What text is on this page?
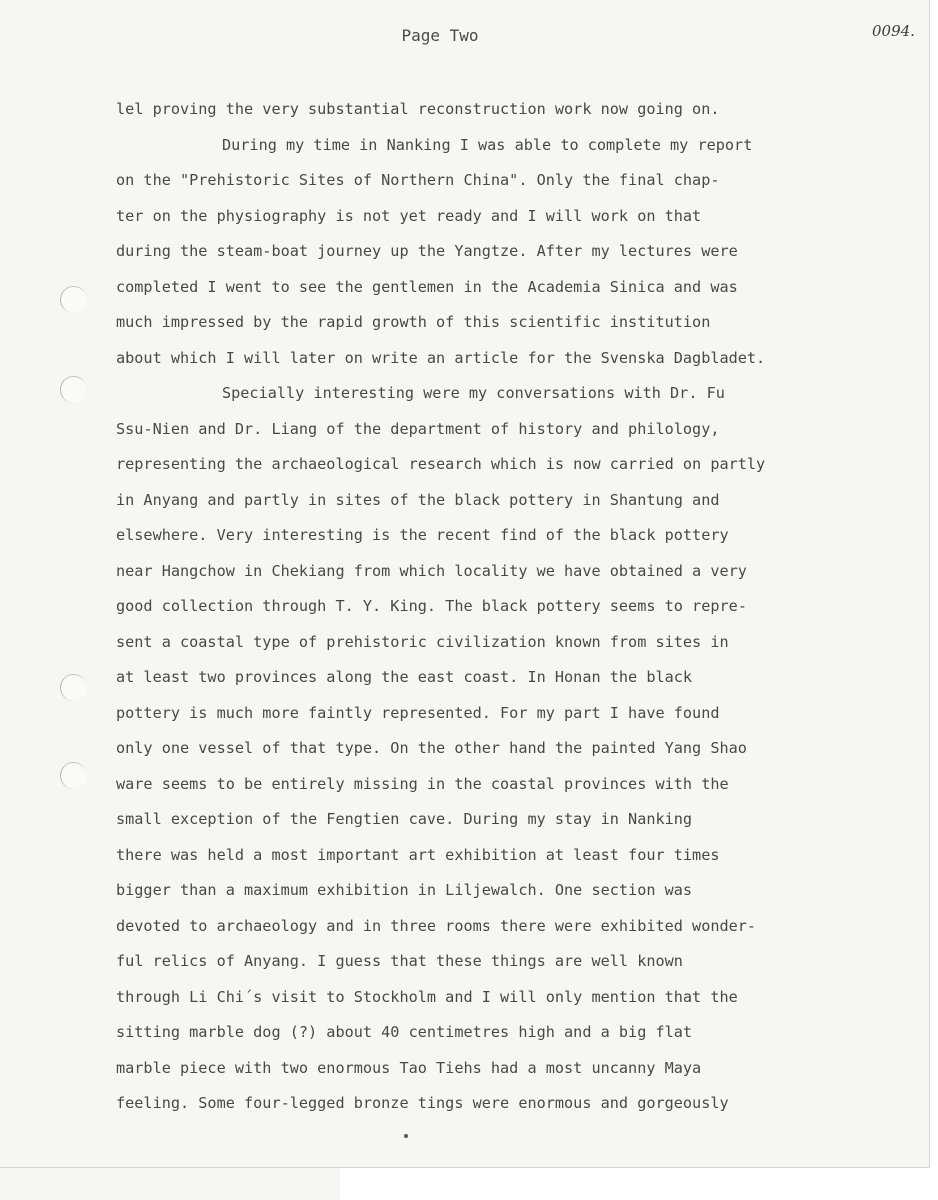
Page Two	0094.
lel proving the very substantial reconstruction work now going on.
During my time in Nanking I was able to complete my report
on the "Prehistoric Sites of Northern China". Only the final chap-
ter on the physiography is not yet ready and I will work on that
during the steam-boat journey up the Yangtze. After my lectures were
completed I went to see the gentlemen in the Academia Sinica and was
much impressed by the rapid growth of this scientific institution
about which I will later on write an article for the Svenska Dagbladet.
Specially interesting were my conversations with Dr. Fu
Ssu-Nien and Dr. Liang of the department of history and philology,
representing the archaeological research which is now carried on partly
in Anyang and partly in sites of the black pottery in Shantung and
elsewhere. Very interesting is the recent find of the black pottery
near Hangchow in Chekiang from which locality we have obtained a very
good collection through T. Y. King. The black pottery seems to repre-
sent a coastal type of prehistoric civilization known from sites in
at least two provinces along the east coast. In Honan the black
pottery is much more faintly represented. For my part I have found
only one vessel of that type. On the other hand the painted Yang Shao
ware seems to be entirely missing in the coastal provinces with the
small exception of the Fengtien cave. During my stay in Nanking
there was held a most important art exhibition at least four times
bigger than a maximum exhibition in Liljewalch. One section was
devoted to archaeology and in three rooms there were exhibited wonder-
ful relics of Anyang. I guess that these things are well known
through Li Chi´s visit to Stockholm and I will only mention that the
sitting marble dog (?) about 40 centimetres high and a big flat
marble piece with two enormous Tao Tiehs had a most uncanny Maya
feeling. Some four-legged bronze tings were enormous and gorgeously
